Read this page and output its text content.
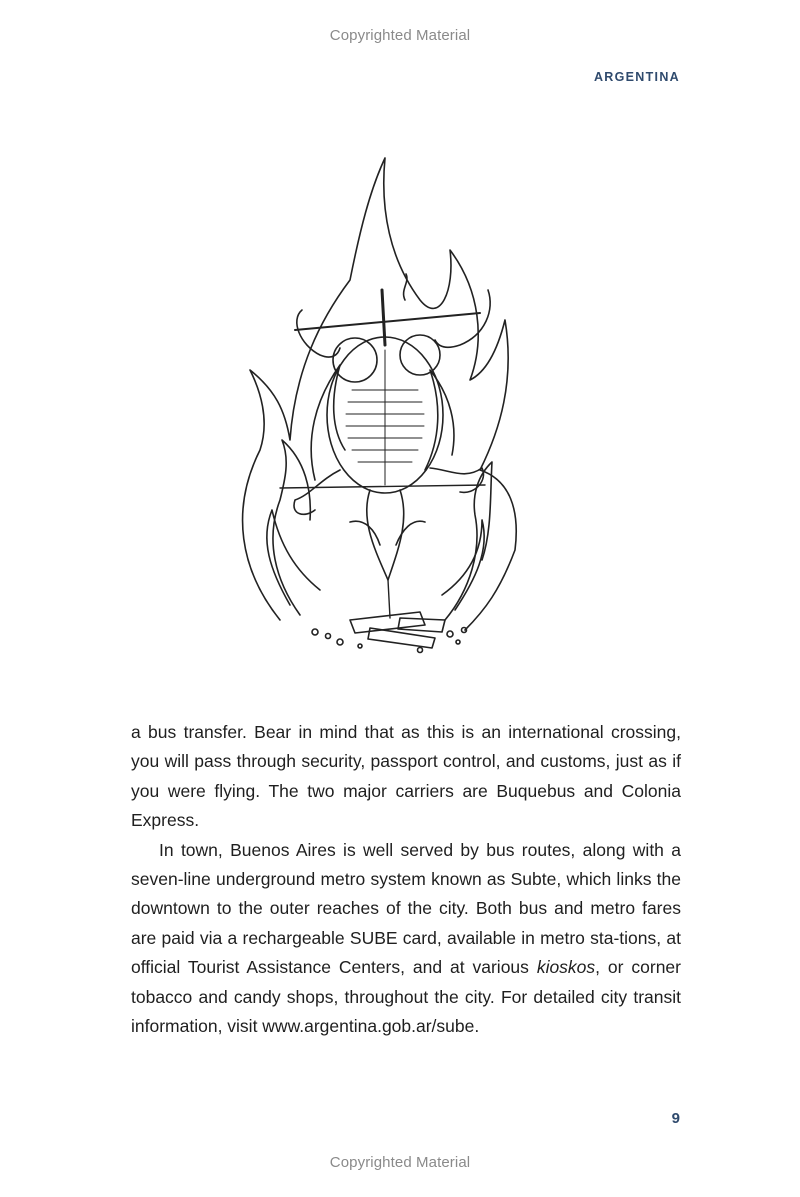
Copyrighted Material
ARGENTINA

a bus transfer. Bear in mind that as this is an international crossing, you will pass through security, passport control, and customs, just as if you were flying. The two major carriers are Buquebus and Colonia Express.

In town, Buenos Aires is well served by bus routes, along with a seven-line underground metro system known as Subte, which links the downtown to the outer reaches of the city. Both bus and metro fares are paid via a rechargeable SUBE card, available in metro sta-tions, at official Tourist Assistance Centers, and at various kioskos, or corner tobacco and candy shops, throughout the city. For detailed city transit information, visit www.argentina.gob.ar/sube.

9
Copyrighted Material
